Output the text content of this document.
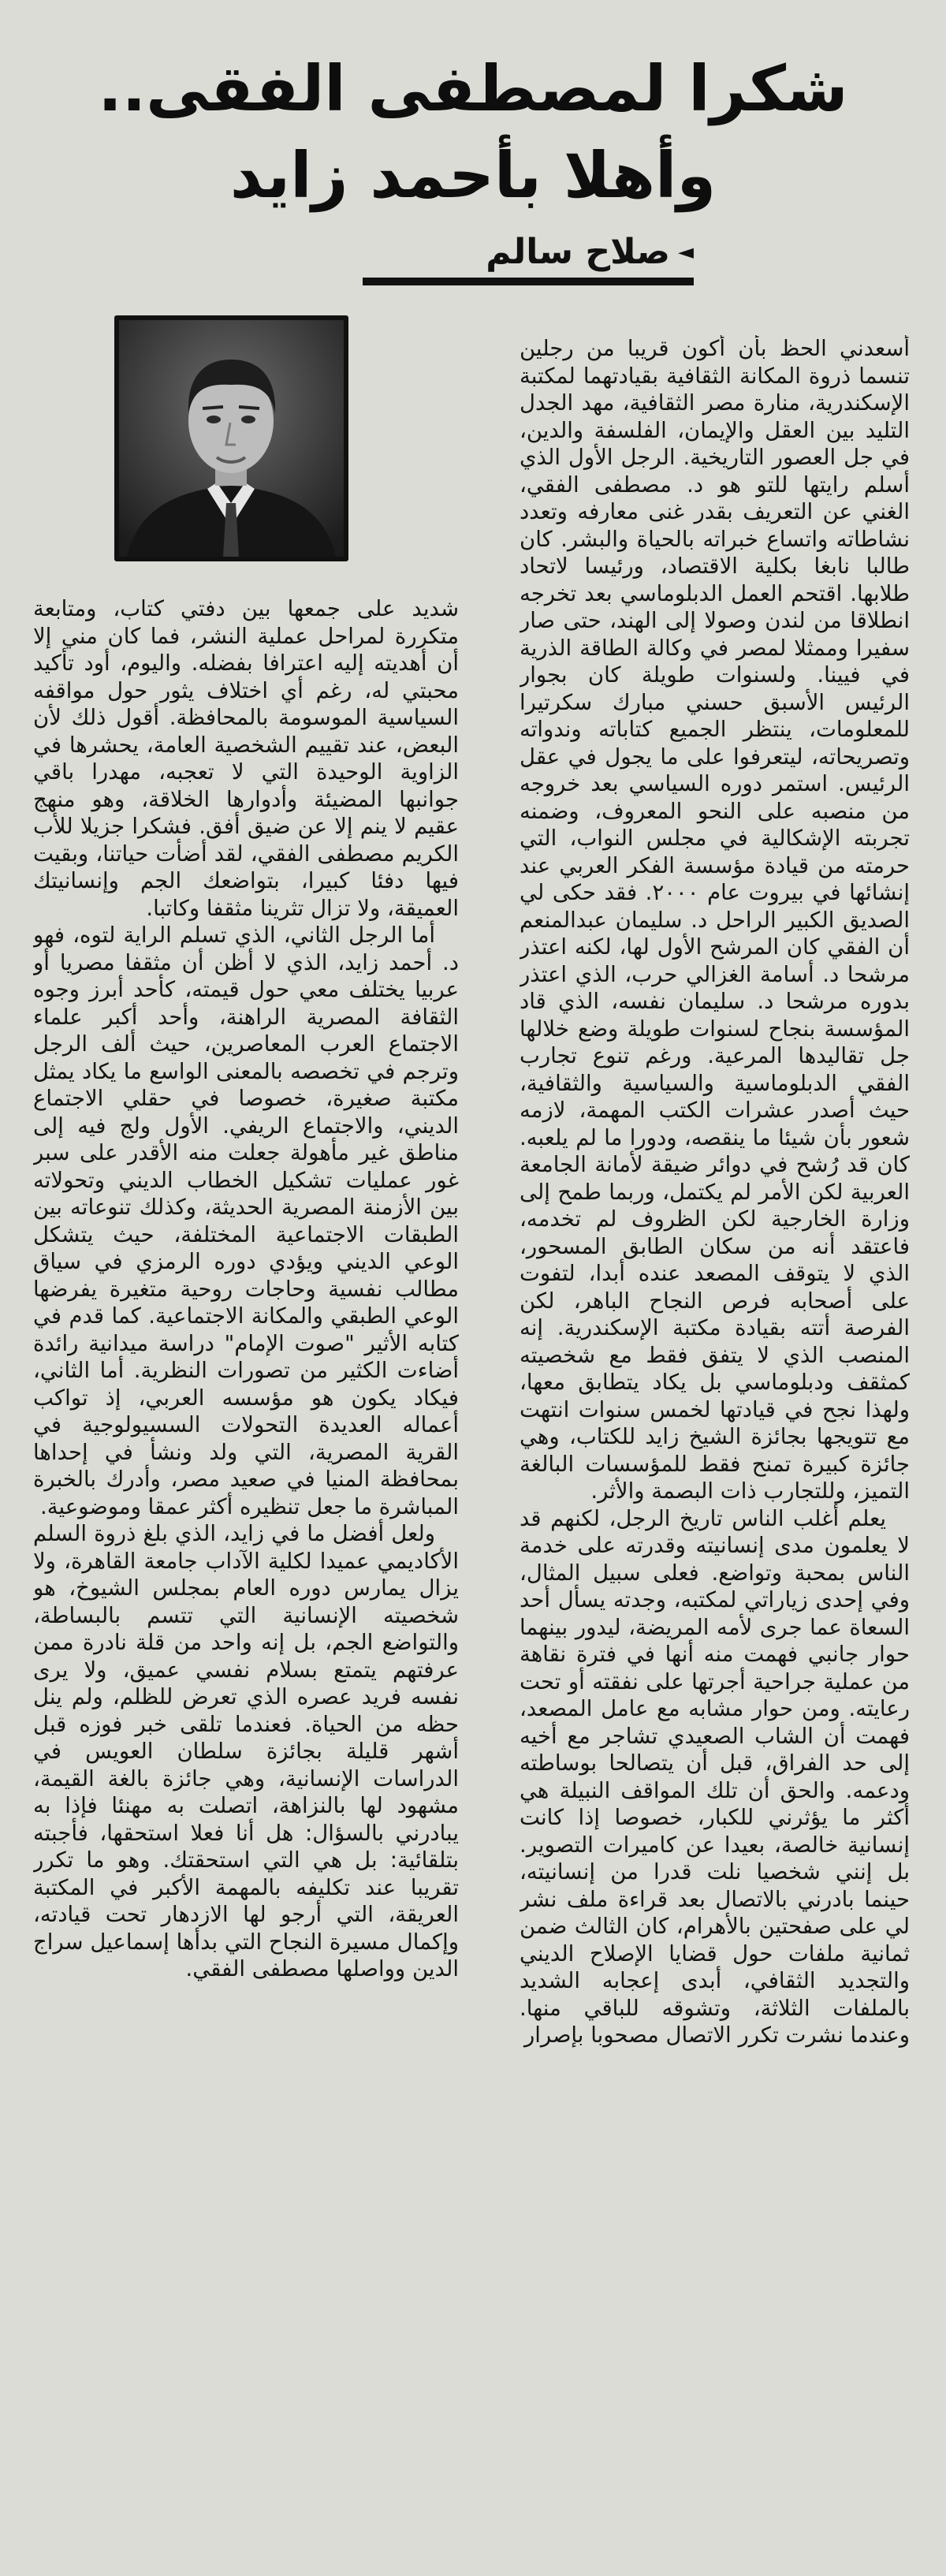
شكرا لمصطفى الفقى.. وأهلا بأحمد زايد
◄
صلاح سالم

أسعدني الحظ بأن أكون قريبا من رجلين تنسما ذروة المكانة الثقافية بقيادتهما لمكتبة الإسكندرية، منارة مصر الثقافية، مهد الجدل التليد بين العقل والإيمان، الفلسفة والدين، في جل العصور التاريخية. الرجل الأول الذي أسلم رايتها للتو هو د. مصطفى الفقي، الغني عن التعريف بقدر غنى معارفه وتعدد نشاطاته واتساع خبراته بالحياة والبشر. كان طالبا نابغا بكلية الاقتصاد، ورئيسا لاتحاد طلابها. اقتحم العمل الدبلوماسي بعد تخرجه انطلاقا من لندن وصولا إلى الهند، حتى صار سفيرا وممثلا لمصر في وكالة الطاقة الذرية في فيينا. ولسنوات طويلة كان بجوار الرئيس الأسبق حسني مبارك سكرتيرا للمعلومات، ينتظر الجميع كتاباته وندواته وتصريحاته، ليتعرفوا على ما يجول في عقل الرئيس. استمر دوره السياسي بعد خروجه من منصبه على النحو المعروف، وضمنه تجربته الإشكالية في مجلس النواب، التي حرمته من قيادة مؤسسة الفكر العربي عند إنشائها في بيروت عام ٢٠٠٠. فقد حكى لي الصديق الكبير الراحل د. سليمان عبدالمنعم أن الفقي كان المرشح الأول لها، لكنه اعتذر مرشحا د. أسامة الغزالي حرب، الذي اعتذر بدوره مرشحا د. سليمان نفسه، الذي قاد المؤسسة بنجاح لسنوات طويلة وضع خلالها جل تقاليدها المرعية. ورغم تنوع تجارب الفقي الدبلوماسية والسياسية والثقافية، حيث أصدر عشرات الكتب المهمة، لازمه شعور بأن شيئا ما ينقصه، ودورا ما لم يلعبه. كان قد رُشح في دوائر ضيقة لأمانة الجامعة العربية لكن الأمر لم يكتمل، وربما طمح إلى وزارة الخارجية لكن الظروف لم تخدمه، فاعتقد أنه من سكان الطابق المسحور، الذي لا يتوقف المصعد عنده أبدا، لتفوت على أصحابه فرص النجاح الباهر، لكن الفرصة أتته بقيادة مكتبة الإسكندرية. إنه المنصب الذي لا يتفق فقط مع شخصيته كمثقف ودبلوماسي بل يكاد يتطابق معها، ولهذا نجح في قيادتها لخمس سنوات انتهت مع تتويجها بجائزة الشيخ زايد للكتاب، وهي جائزة كبيرة تمنح فقط للمؤسسات البالغة التميز، وللتجارب ذات البصمة والأثر.

يعلم أغلب الناس تاريخ الرجل، لكنهم قد لا يعلمون مدى إنسانيته وقدرته على خدمة الناس بمحبة وتواضع. فعلى سبيل المثال، وفي إحدى زياراتي لمكتبه، وجدته يسأل أحد السعاة عما جرى لأمه المريضة، ليدور بينهما حوار جانبي فهمت منه أنها في فترة نقاهة من عملية جراحية أجرتها على نفقته أو تحت رعايته. ومن حوار مشابه مع عامل المصعد، فهمت أن الشاب الصعيدي تشاجر مع أخيه إلى حد الفراق، قبل أن يتصالحا بوساطته ودعمه. والحق أن تلك المواقف النبيلة هي أكثر ما يؤثرني للكبار، خصوصا إذا كانت إنسانية خالصة، بعيدا عن كاميرات التصوير. بل إنني شخصيا نلت قدرا من إنسانيته، حينما بادرني بالاتصال بعد قراءة ملف نشر لي على صفحتين بالأهرام، كان الثالث ضمن ثمانية ملفات حول قضايا الإصلاح الديني والتجديد الثقافي، أبدى إعجابه الشديد بالملفات الثلاثة، وتشوقه للباقي منها. وعندما نشرت تكرر الاتصال مصحوبا بإصرار

شديد على جمعها بين دفتي كتاب، ومتابعة متكررة لمراحل عملية النشر، فما كان مني إلا أن أهديته إليه اعترافا بفضله. واليوم، أود تأكيد محبتي له، رغم أي اختلاف يثور حول مواقفه السياسية الموسومة بالمحافظة. أقول ذلك لأن البعض، عند تقييم الشخصية العامة، يحشرها في الزاوية الوحيدة التي لا تعجبه، مهدرا باقي جوانبها المضيئة وأدوارها الخلاقة، وهو منهج عقيم لا ينم إلا عن ضيق أفق. فشكرا جزيلا للأب الكريم مصطفى الفقي، لقد أضأت حياتنا، وبقيت فيها دفئا كبيرا، بتواضعك الجم وإنسانيتك العميقة، ولا تزال تثرينا مثقفا وكاتبا.

أما الرجل الثاني، الذي تسلم الراية لتوه، فهو د. أحمد زايد، الذي لا أظن أن مثقفا مصريا أو عربيا يختلف معي حول قيمته، كأحد أبرز وجوه الثقافة المصرية الراهنة، وأحد أكبر علماء الاجتماع العرب المعاصرين، حيث ألف الرجل وترجم في تخصصه بالمعنى الواسع ما يكاد يمثل مكتبة صغيرة، خصوصا في حقلي الاجتماع الديني، والاجتماع الريفي. الأول ولج فيه إلى مناطق غير مأهولة جعلت منه الأقدر على سبر غور عمليات تشكيل الخطاب الديني وتحولاته بين الأزمنة المصرية الحديثة، وكذلك تنوعاته بين الطبقات الاجتماعية المختلفة، حيث يتشكل الوعي الديني ويؤدي دوره الرمزي في سياق مطالب نفسية وحاجات روحية متغيرة يفرضها الوعي الطبقي والمكانة الاجتماعية. كما قدم في كتابه الأثير "صوت الإمام" دراسة ميدانية رائدة أضاءت الكثير من تصورات النظرية. أما الثاني، فيكاد يكون هو مؤسسه العربي، إذ تواكب أعماله العديدة التحولات السسيولوجية في القرية المصرية، التي ولد ونشأ في إحداها بمحافظة المنيا في صعيد مصر، وأدرك بالخبرة المباشرة ما جعل تنظيره أكثر عمقا وموضوعية.

ولعل أفضل ما في زايد، الذي بلغ ذروة السلم الأكاديمي عميدا لكلية الآداب جامعة القاهرة، ولا يزال يمارس دوره العام بمجلس الشيوخ، هو شخصيته الإنسانية التي تتسم بالبساطة، والتواضع الجم، بل إنه واحد من قلة نادرة ممن عرفتهم يتمتع بسلام نفسي عميق، ولا يرى نفسه فريد عصره الذي تعرض للظلم، ولم ينل حظه من الحياة. فعندما تلقى خبر فوزه قبل أشهر قليلة بجائزة سلطان العويس في الدراسات الإنسانية، وهي جائزة بالغة القيمة، مشهود لها بالنزاهة، اتصلت به مهنئا فإذا به يبادرني بالسؤال: هل أنا فعلا استحقها، فأجبته بتلقائية: بل هي التي استحقتك. وهو ما تكرر تقريبا عند تكليفه بالمهمة الأكبر في المكتبة العريقة، التي أرجو لها الازدهار تحت قيادته، وإكمال مسيرة النجاح التي بدأها إسماعيل سراج الدين وواصلها مصطفى الفقي.
